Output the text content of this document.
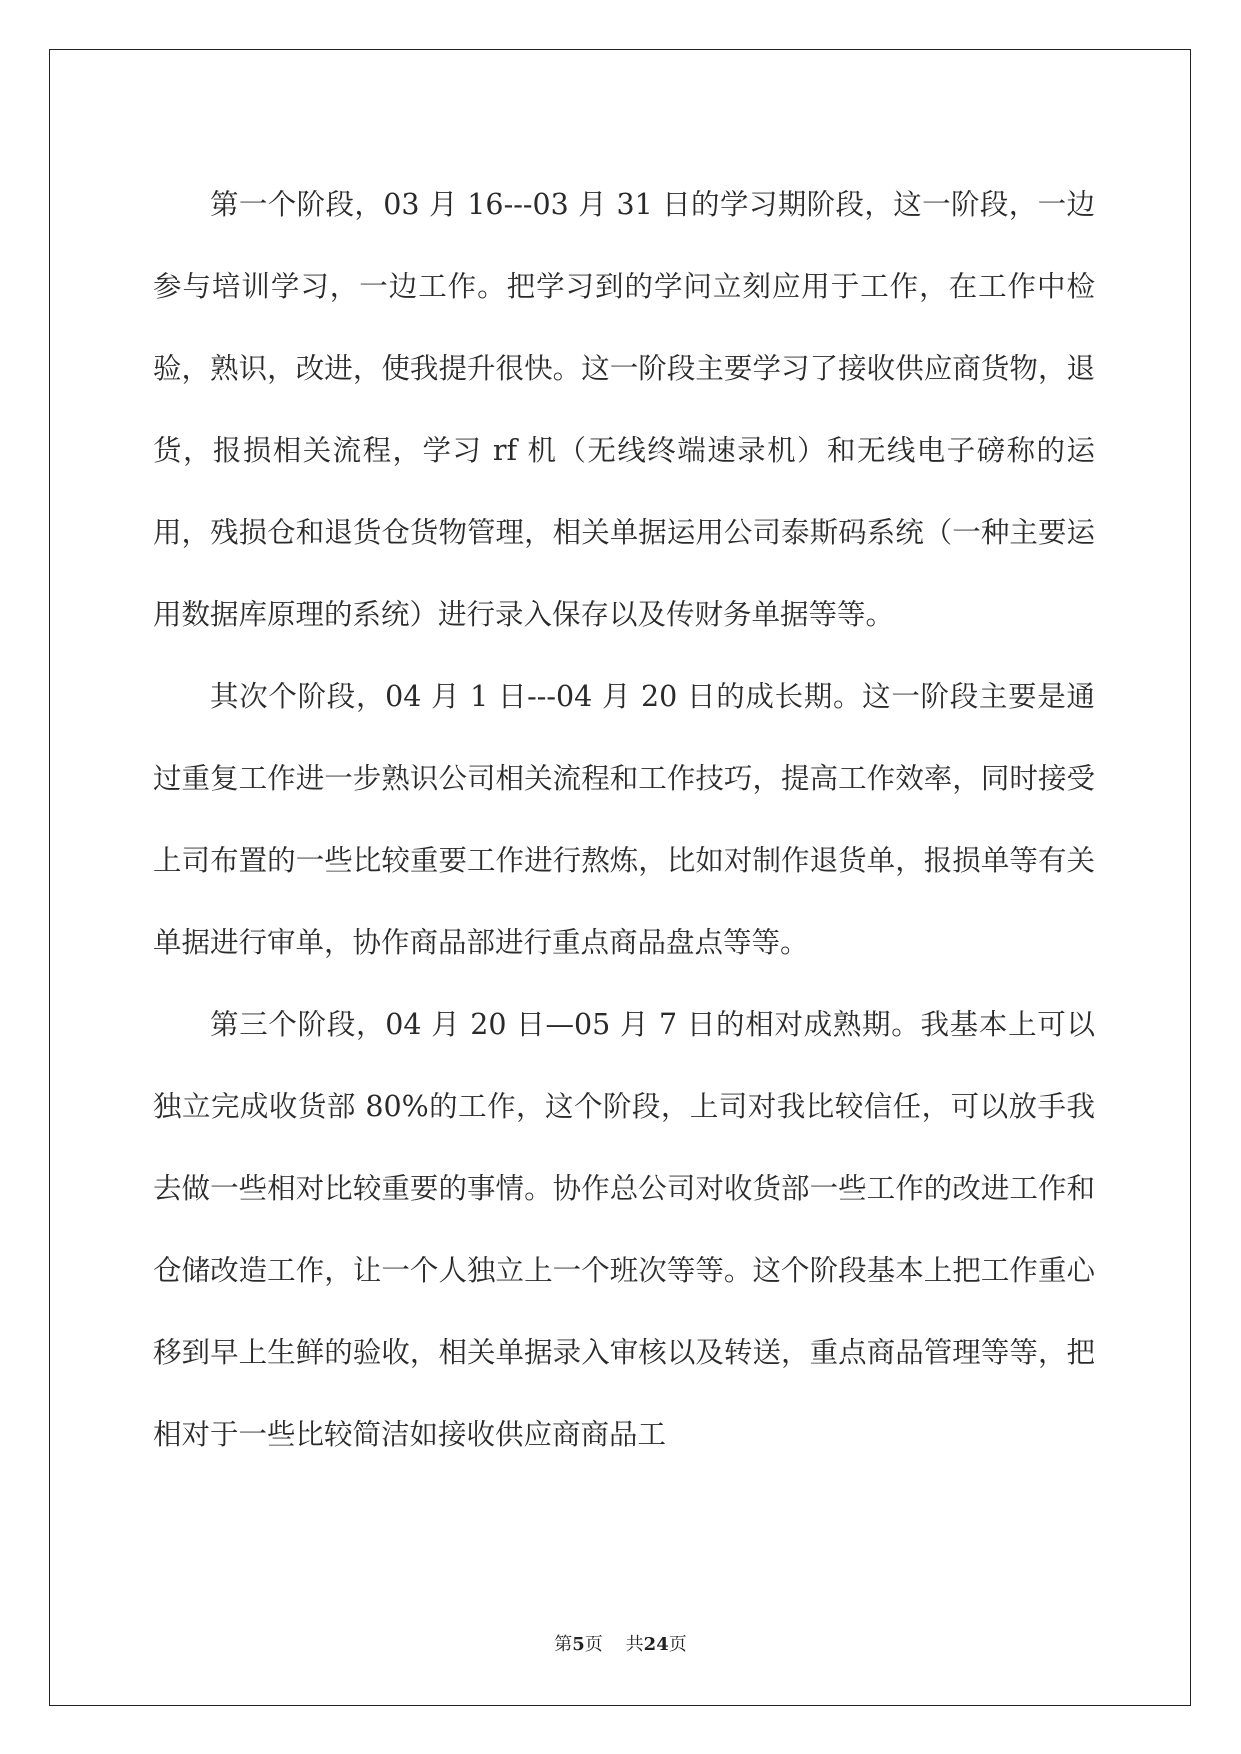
第一个阶段，03 月 16---03 月 31 日的学习期阶段，这一阶段，一边参与培训学习，一边工作。把学习到的学问立刻应用于工作，在工作中检验，熟识，改进，使我提升很快。这一阶段主要学习了接收供应商货物，退货，报损相关流程，学习 rf 机（无线终端速录机）和无线电子磅称的运用，残损仓和退货仓货物管理，相关单据运用公司泰斯码系统（一种主要运用数据库原理的系统）进行录入保存以及传财务单据等等。

其次个阶段，04 月 1 日---04 月 20 日的成长期。这一阶段主要是通过重复工作进一步熟识公司相关流程和工作技巧，提高工作效率，同时接受上司布置的一些比较重要工作进行熬炼，比如对制作退货单，报损单等有关单据进行审单，协作商品部进行重点商品盘点等等。

第三个阶段，04 月 20 日—05 月 7 日的相对成熟期。我基本上可以独立完成收货部 80%的工作，这个阶段，上司对我比较信任，可以放手我去做一些相对比较重要的事情。协作总公司对收货部一些工作的改进工作和仓储改造工作，让一个人独立上一个班次等等。这个阶段基本上把工作重心移到早上生鲜的验收，相关单据录入审核以及转送，重点商品管理等等，把相对于一些比较简洁如接收供应商商品工

第5页 共24页
